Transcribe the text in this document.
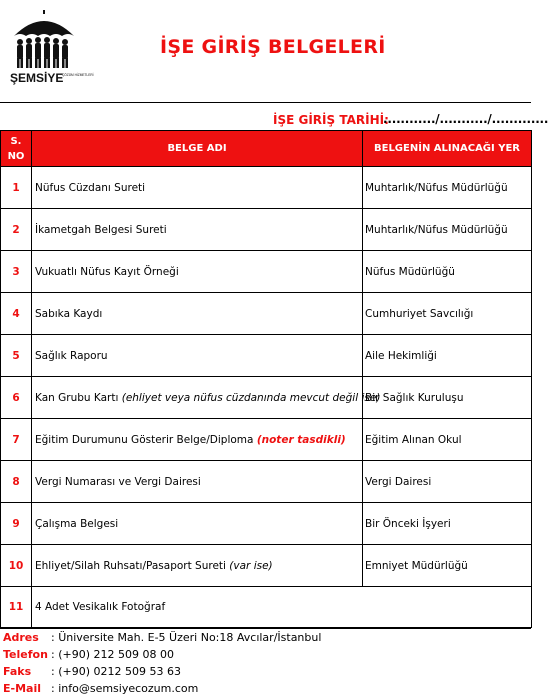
ŞEMSİYE
ÇÖZÜM HİZMETLERİ
İŞE GİRİŞ BELGELERİ
İŞE GİRİŞ TARİHİ:
............/.........../.............
S. NO	BELGE ADI	BELGENİN ALINACAĞI YER
1	Nüfus Cüzdanı Sureti	Muhtarlık/Nüfus Müdürlüğü
2	İkametgah Belgesi Sureti	Muhtarlık/Nüfus Müdürlüğü
3	Vukuatlı Nüfus Kayıt Örneği	Nüfus Müdürlüğü
4	Sabıka Kaydı	Cumhuriyet Savcılığı
5	Sağlık Raporu	Aile Hekimliği
6	Kan Grubu Kartı (ehliyet veya nüfus cüzdanında mevcut değil ise)	Bir Sağlık Kuruluşu
7	Eğitim Durumunu Gösterir Belge/Diploma (noter tasdikli)	Eğitim Alınan Okul
8	Vergi Numarası ve Vergi Dairesi	Vergi Dairesi
9	Çalışma Belgesi	Bir Önceki İşyeri
10	Ehliyet/Silah Ruhsatı/Pasaport Sureti (var ise)	Emniyet Müdürlüğü
11	4 Adet Vesikalık Fotoğraf	
Adres : Üniversite Mah. E-5 Üzeri No:18 Avcılar/İstanbul
Telefon : (+90) 212 509 08 00
Faks : (+90) 0212 509 53 63
E-Mail : info@semsiyecozum.com
